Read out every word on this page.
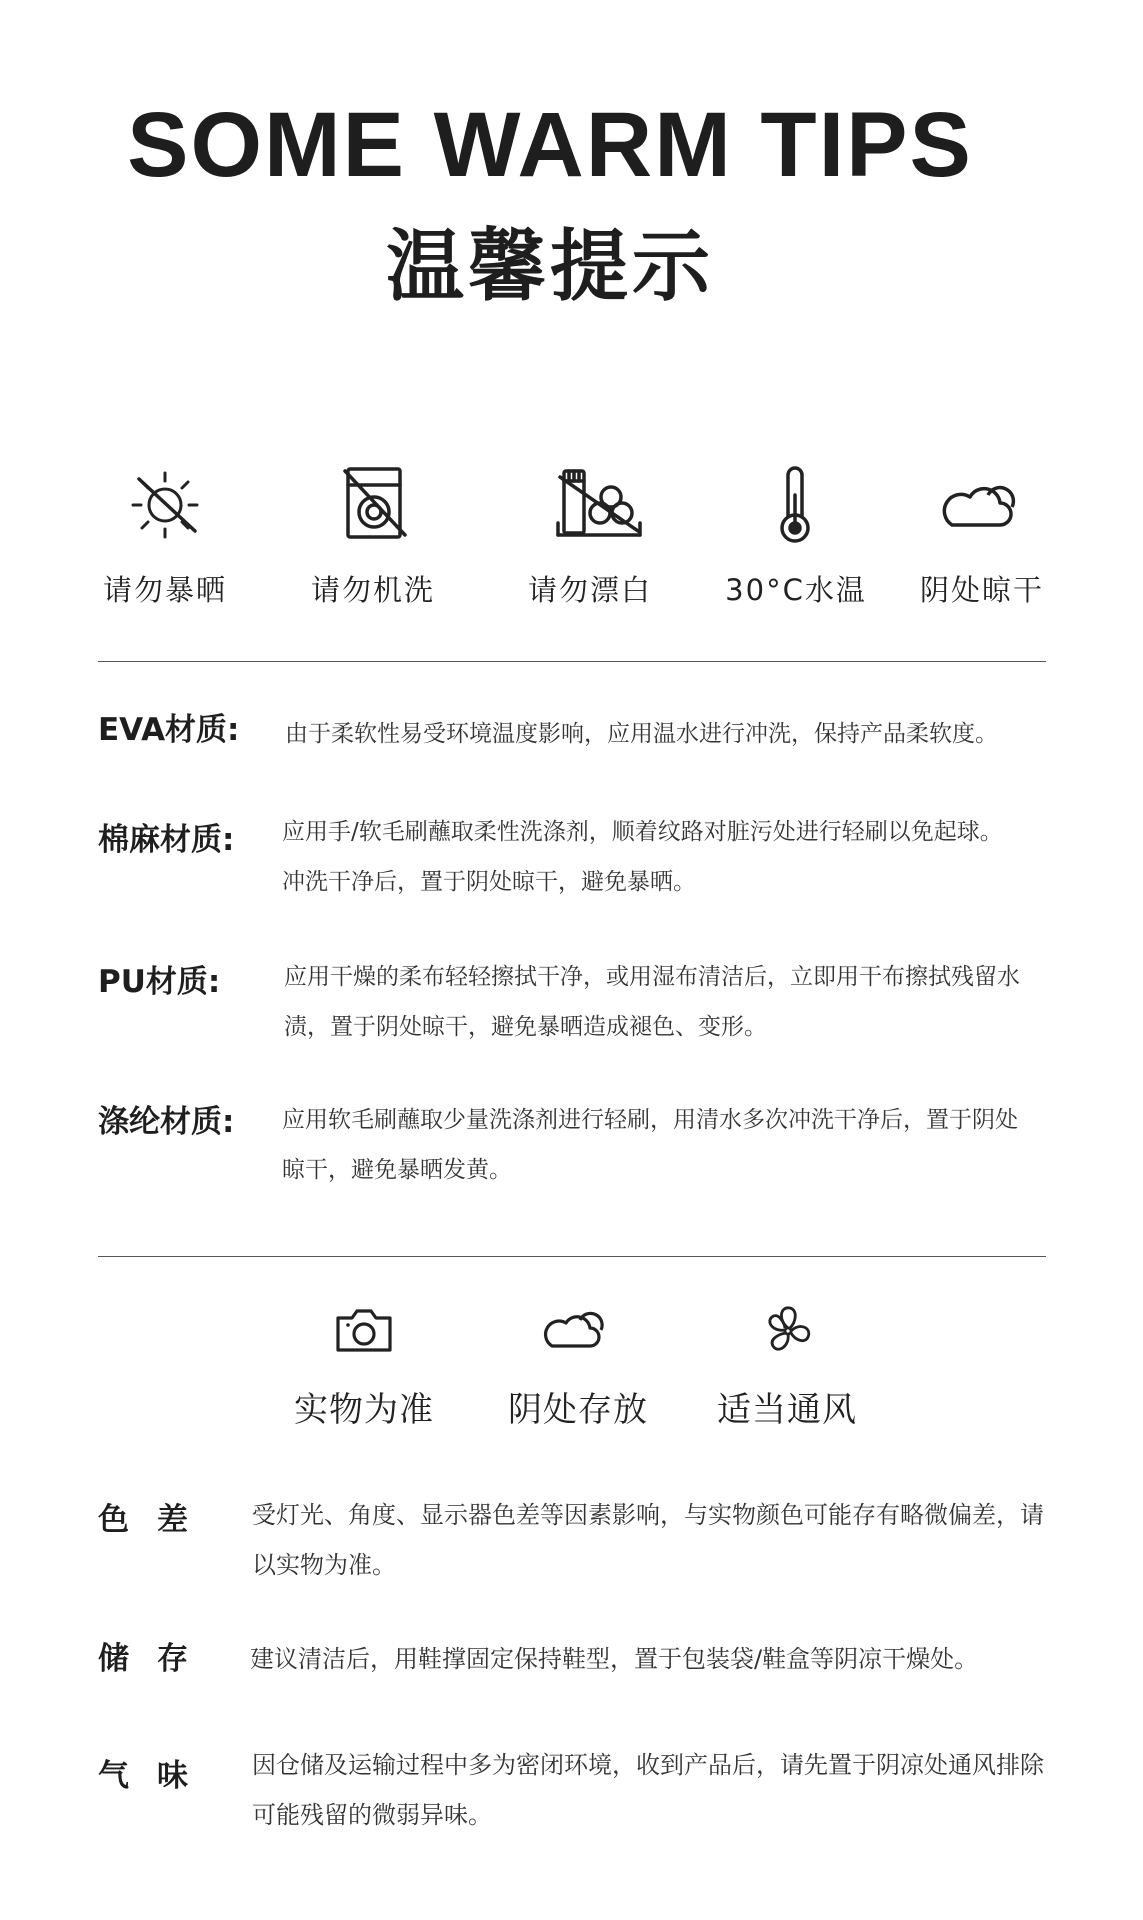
SOME WARM TIPS
温馨提示
请勿暴晒	请勿机洗	请勿漂白	30°C水温	阴处晾干
EVA材质: 由于柔软性易受环境温度影响，应用温水进行冲洗，保持产品柔软度。
棉麻材质: 应用手/软毛刷蘸取柔性洗涤剂，顺着纹路对脏污处进行轻刷以免起球。
冲洗干净后，置于阴处晾干，避免暴晒。
PU材质:	应用干燥的柔布轻轻擦拭干净，或用湿布清洁后，立即用干布擦拭残留水
渍，置于阴处晾干，避免暴晒造成褪色、变形。
涤纶材质: 应用软毛刷蘸取少量洗涤剂进行轻刷，用清水多次冲洗干净后，置于阴处
晾干，避免暴晒发黄。
实物为准	阴处存放	适当通风
色差 受灯光、角度、显示器色差等因素影响，与实物颜色可能存有略微偏差，请
以实物为准。
储存 建议清洁后，用鞋撑固定保持鞋型，置于包装袋/鞋盒等阴凉干燥处。
气味 因仓储及运输过程中多为密闭环境，收到产品后，请先置于阴凉处通风排除
可能残留的微弱异味。
